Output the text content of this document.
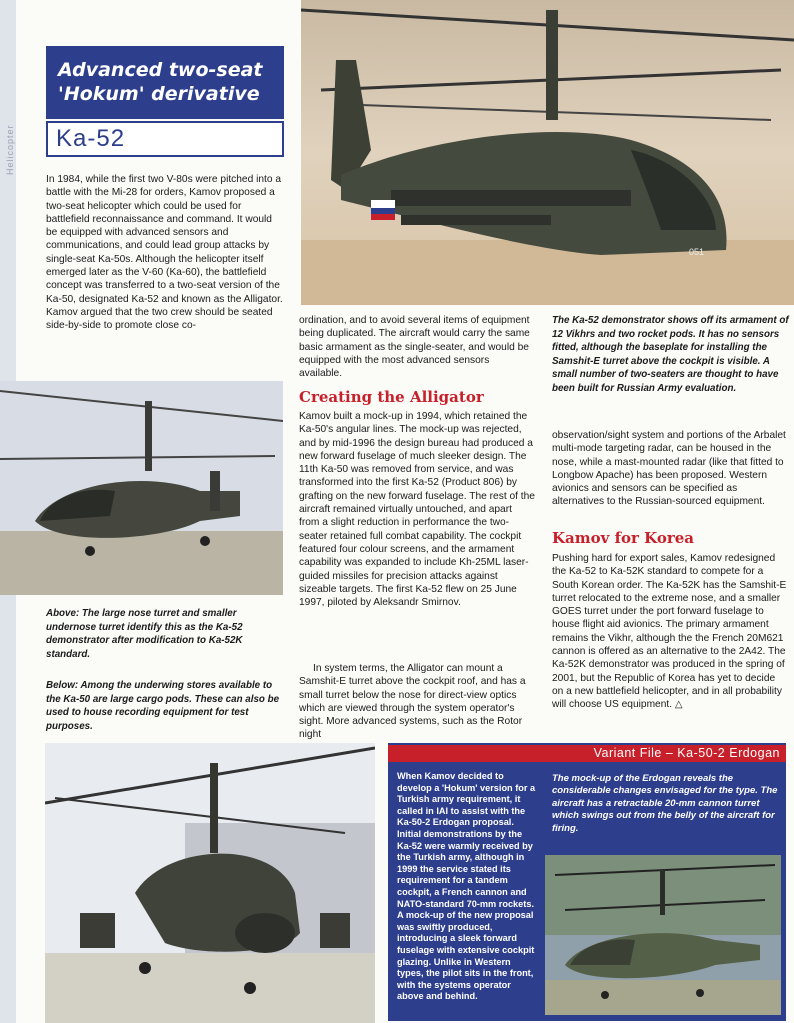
Helicopter
Advanced two-seat
'Hokum' derivative
Ka-52
In 1984, while the first two V-80s were pitched into a battle with the Mi-28 for orders, Kamov proposed a two-seat helicopter which could be used for battlefield reconnaissance and command. It would be equipped with advanced sensors and communications, and could lead group attacks by single-seat Ka-50s. Although the helicopter itself emerged later as the V-60 (Ka-60), the battlefield concept was transferred to a two-seat version of the Ka-50, designated Ka-52 and known as the Alligator. Kamov argued that the two crew should be seated side-by-side to promote close co-
051
ordination, and to avoid several items of equipment being duplicated. The aircraft would carry the same basic armament as the single-seater, and would be equipped with the most advanced sensors available.
The Ka-52 demonstrator shows off its armament of 12 Vikhrs and two rocket pods. It has no sensors fitted, although the baseplate for installing the Samshit-E turret above the cockpit is visible. A small number of two-seaters are thought to have been built for Russian Army evaluation.
Creating the Alligator
Kamov built a mock-up in 1994, which retained the Ka-50's angular lines. The mock-up was rejected, and by mid-1996 the design bureau had produced a new forward fuselage of much sleeker design. The 11th Ka-50 was removed from service, and was transformed into the first Ka-52 (Product 806) by grafting on the new forward fuselage. The rest of the aircraft remained virtually untouched, and apart from a slight reduction in performance the two-seater retained full combat capability. The cockpit featured four colour screens, and the armament capability was expanded to include Kh-25ML laser-guided missiles for precision attacks against sizeable targets. The first Ka-52 flew on 25 June 1997, piloted by Aleksandr Smirnov.
In system terms, the Alligator can mount a Samshit-E turret above the cockpit roof, and has a small turret below the nose for direct-view optics which are viewed through the system operator's sight. More advanced systems, such as the Rotor night
observation/sight system and portions of the Arbalet multi-mode targeting radar, can be housed in the nose, while a mast-mounted radar (like that fitted to Longbow Apache) has been proposed. Western avionics and sensors can be specified as alternatives to the Russian-sourced equipment.
Kamov for Korea
Pushing hard for export sales, Kamov redesigned the Ka-52 to Ka-52K standard to compete for a South Korean order. The Ka-52K has the Samshit-E turret relocated to the extreme nose, and a smaller GOES turret under the port forward fuselage to house flight aid avionics. The primary armament remains the Vikhr, although the the French 20M621 cannon is offered as an alternative to the 2A42. The Ka-52K demonstrator was produced in the spring of 2001, but the Republic of Korea has yet to decide on a new battlefield helicopter, and in all probability will choose US equipment. △
Above: The large nose turret and smaller undernose turret identify this as the Ka-52 demonstrator after modification to Ka-52K standard.
Below: Among the underwing stores available to the Ka-50 are large cargo pods. These can also be used to house recording equipment for test purposes.
Variant File – Ka-50-2 Erdogan
When Kamov decided to develop a 'Hokum' version for a Turkish army requirement, it called in IAI to assist with the Ka-50-2 Erdogan proposal. Initial demonstrations by the Ka-52 were warmly received by the Turkish army, although in 1999 the service stated its requirement for a tandem cockpit, a French cannon and NATO-standard 70-mm rockets. A mock-up of the new proposal was swiftly produced, introducing a sleek forward fuselage with extensive cockpit glazing. Unlike in Western types, the pilot sits in the front, with the systems operator above and behind.
The mock-up of the Erdogan reveals the considerable changes envisaged for the type. The aircraft has a retractable 20-mm cannon turret which swings out from the belly of the aircraft for firing.
